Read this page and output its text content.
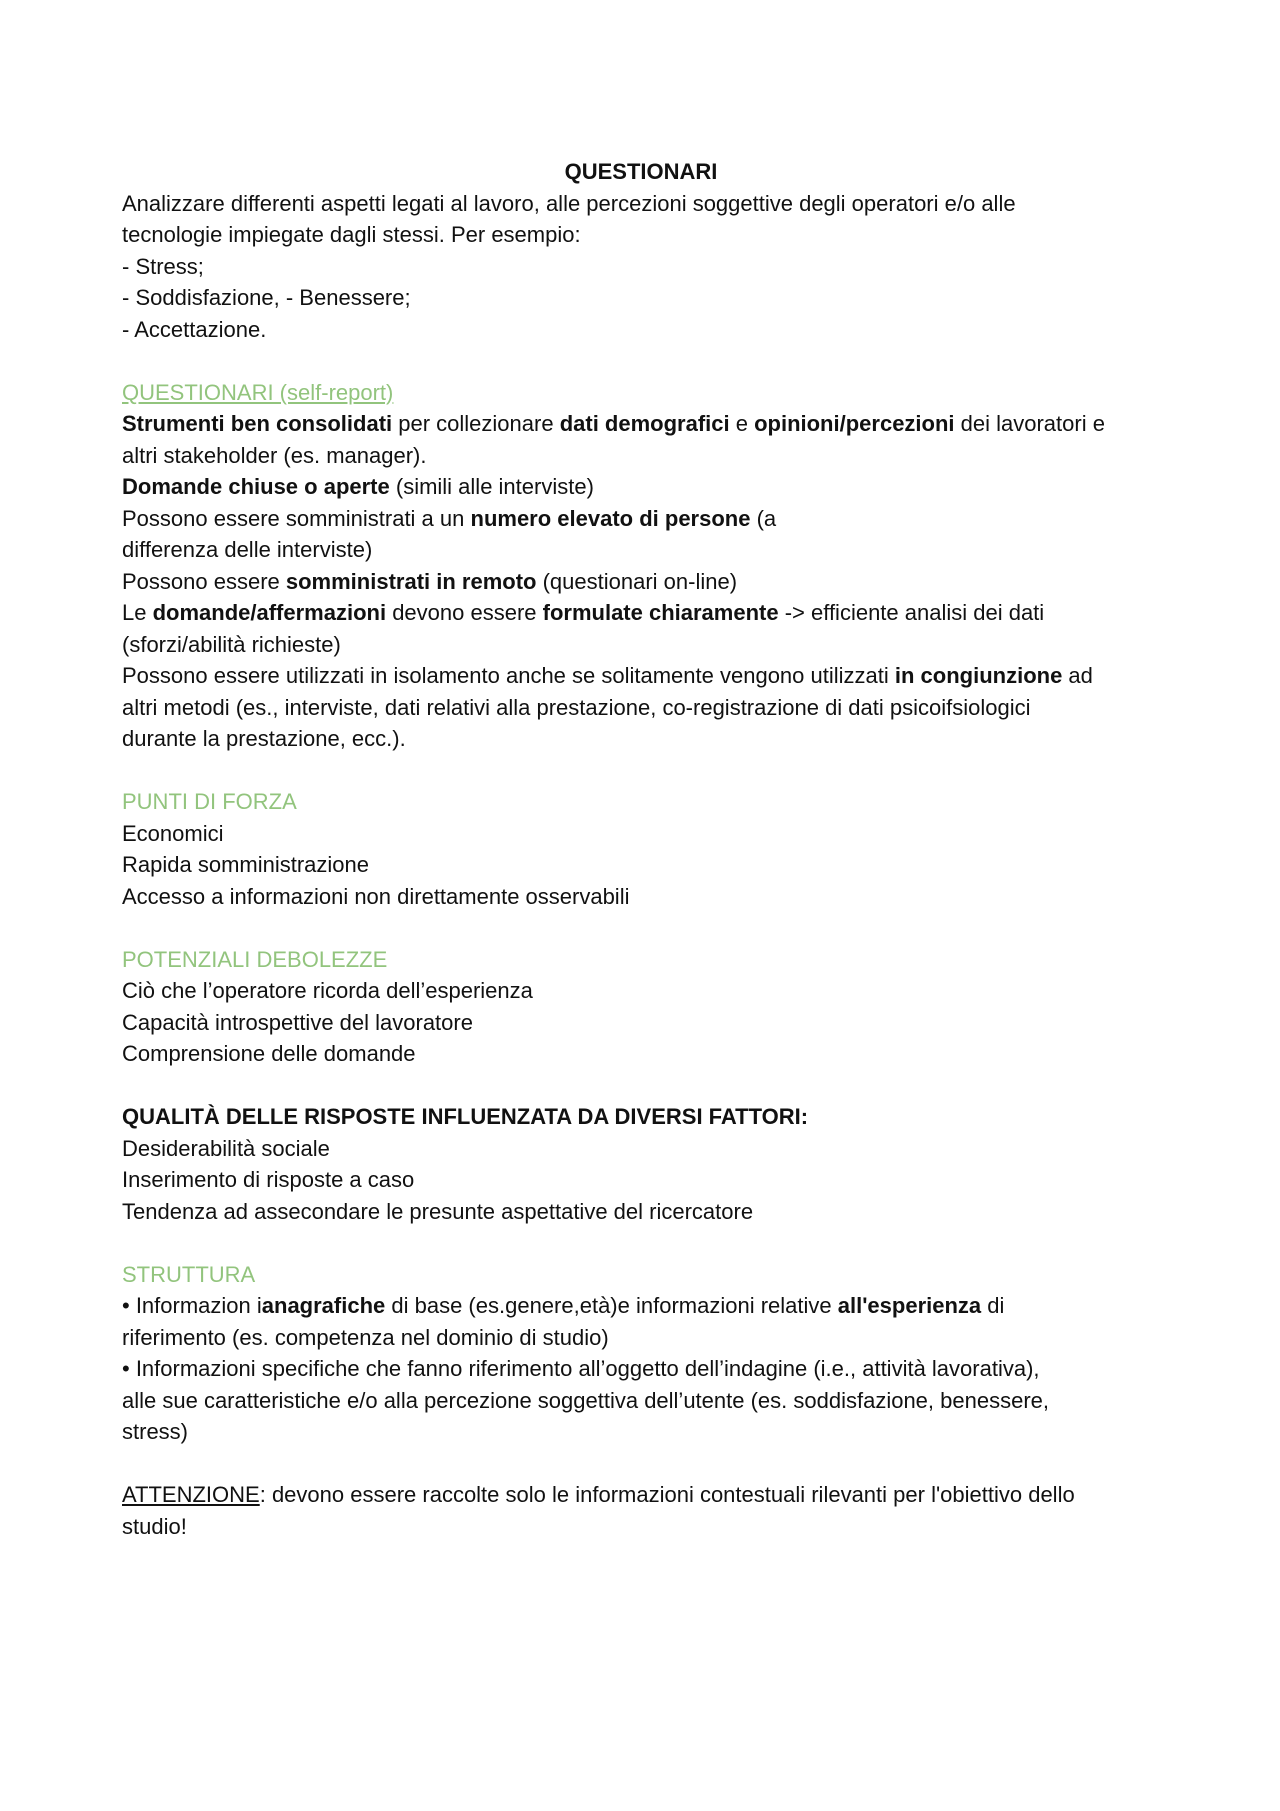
QUESTIONARI

Analizzare differenti aspetti legati al lavoro, alle percezioni soggettive degli operatori e/o alle

tecnologie impiegate dagli stessi. Per esempio:

- Stress;

- Soddisfazione, - Benessere;

- Accettazione.

QUESTIONARI (self-report)

Strumenti ben consolidati per collezionare dati demografici e opinioni/percezioni dei lavoratori e

altri stakeholder (es. manager).

Domande chiuse o aperte (simili alle interviste)

Possono essere somministrati a un numero elevato di persone (a

differenza delle interviste)

Possono essere somministrati in remoto (questionari on-line)

Le domande/affermazioni devono essere formulate chiaramente -> efficiente analisi dei dati

(sforzi/abilità richieste)

Possono essere utilizzati in isolamento anche se solitamente vengono utilizzati in congiunzione ad

altri metodi (es., interviste, dati relativi alla prestazione, co-registrazione di dati psicoifsiologici

durante la prestazione, ecc.).

PUNTI DI FORZA

Economici

Rapida somministrazione

Accesso a informazioni non direttamente osservabili

POTENZIALI DEBOLEZZE

Ciò che l’operatore ricorda dell’esperienza

Capacità introspettive del lavoratore

Comprensione delle domande

QUALITÀ DELLE RISPOSTE INFLUENZATA DA DIVERSI FATTORI:

Desiderabilità sociale

Inserimento di risposte a caso

Tendenza ad assecondare le presunte aspettative del ricercatore

STRUTTURA

• Informazion ianagrafiche di base (es.genere,età)e informazioni relative all'esperienza di

riferimento (es. competenza nel dominio di studio)

• Informazioni specifiche che fanno riferimento all’oggetto dell’indagine (i.e., attività lavorativa),

alle sue caratteristiche e/o alla percezione soggettiva dell’utente (es. soddisfazione, benessere,

stress)

ATTENZIONE: devono essere raccolte solo le informazioni contestuali rilevanti per l'obiettivo dello

studio!
